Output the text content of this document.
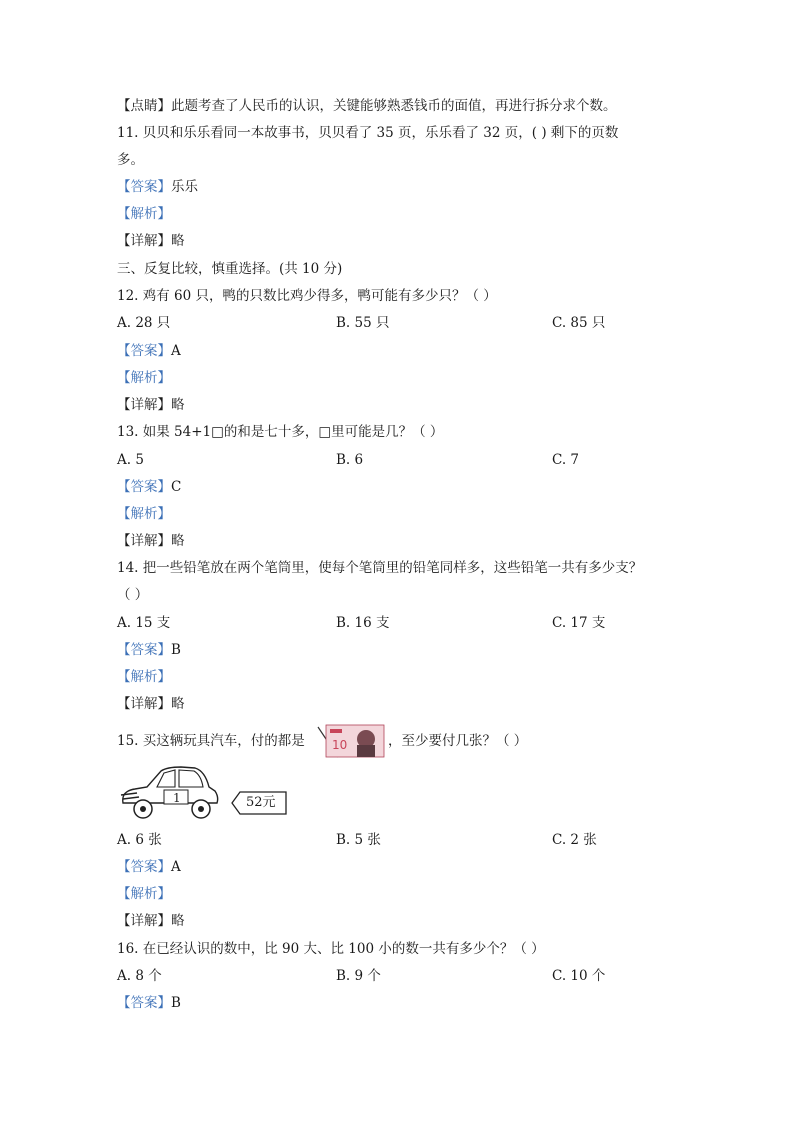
【点睛】此题考查了人民币的认识，关键能够熟悉钱币的面值，再进行拆分求个数。
11. 贝贝和乐乐看同一本故事书，贝贝看了 35 页，乐乐看了 32 页，( ) 剩下的页数
多。
【答案】乐乐
【解析】
【详解】略
三、反复比较，慎重选择。(共 10 分)
12. 鸡有 60 只，鸭的只数比鸡少得多，鸭可能有多少只？（ ）
A. 28 只	B. 55 只	C. 85 只
【答案】A
【解析】
【详解】略
13. 如果 54+1□的和是七十多，□里可能是几？（ ）
A. 5	B. 6	C. 7
【答案】C
【解析】
【详解】略
14. 把一些铅笔放在两个笔筒里，使每个笔筒里的铅笔同样多，这些铅笔一共有多少支？
（ ）
A. 15 支	B. 16 支	C. 17 支
【答案】B
【解析】
【详解】略
15. 买这辆玩具汽车，付的都是 10	，至少要付几张？（ ）
1	52元
A. 6 张	B. 5 张	C. 2 张
【答案】A
【解析】
【详解】略
16. 在已经认识的数中，比 90 大、比 100 小的数一共有多少个？（ ）
A. 8 个	B. 9 个	C. 10 个
【答案】B
